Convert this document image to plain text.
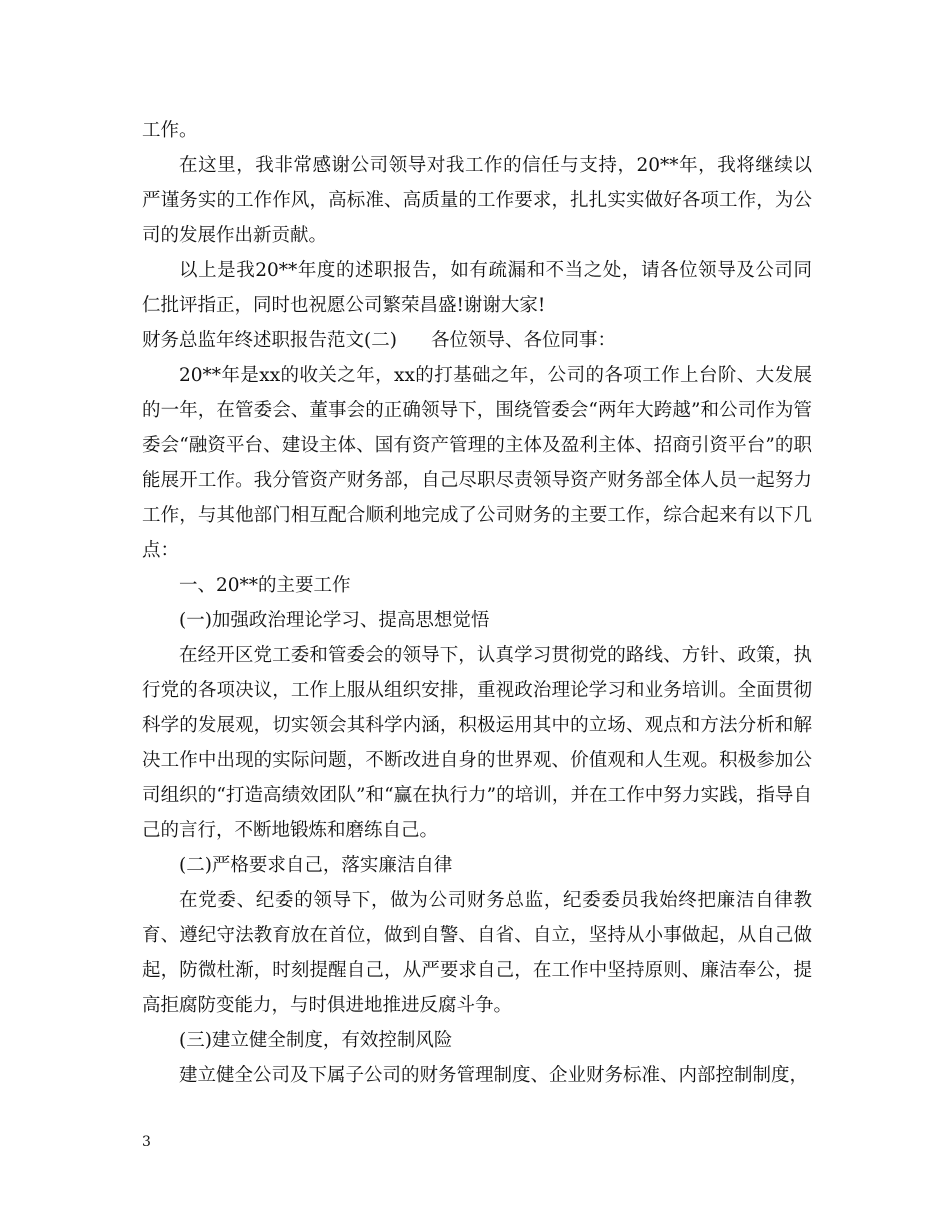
工作。

在这里，我非常感谢公司领导对我工作的信任与支持，20**年，我将继续以严谨务实的工作作风，高标准、高质量的工作要求，扎扎实实做好各项工作，为公司的发展作出新贡献。

以上是我20**年度的述职报告，如有疏漏和不当之处，请各位领导及公司同仁批评指正，同时也祝愿公司繁荣昌盛!谢谢大家!

财务总监年终述职报告范文(二) 各位领导、各位同事：

20**年是xx的收关之年，xx的打基础之年，公司的各项工作上台阶、大发展的一年，在管委会、董事会的正确领导下，围绕管委会“两年大跨越”和公司作为管委会“融资平台、建设主体、国有资产管理的主体及盈利主体、招商引资平台”的职能展开工作。我分管资产财务部，自己尽职尽责领导资产财务部全体人员一起努力工作，与其他部门相互配合顺利地完成了公司财务的主要工作，综合起来有以下几点：

一、20**的主要工作

(一)加强政治理论学习、提高思想觉悟

在经开区党工委和管委会的领导下，认真学习贯彻党的路线、方针、政策，执行党的各项决议，工作上服从组织安排，重视政治理论学习和业务培训。全面贯彻科学的发展观，切实领会其科学内涵，积极运用其中的立场、观点和方法分析和解决工作中出现的实际问题，不断改进自身的世界观、价值观和人生观。积极参加公司组织的“打造高绩效团队”和“赢在执行力”的培训，并在工作中努力实践，指导自己的言行，不断地锻炼和磨练自己。

(二)严格要求自己，落实廉洁自律

在党委、纪委的领导下，做为公司财务总监，纪委委员我始终把廉洁自律教育、遵纪守法教育放在首位，做到自警、自省、自立，坚持从小事做起，从自己做起，防微杜渐，时刻提醒自己，从严要求自己，在工作中坚持原则、廉洁奉公，提高拒腐防变能力，与时俱进地推进反腐斗争。

(三)建立健全制度，有效控制风险

建立健全公司及下属子公司的财务管理制度、企业财务标准、内部控制制度，

3
